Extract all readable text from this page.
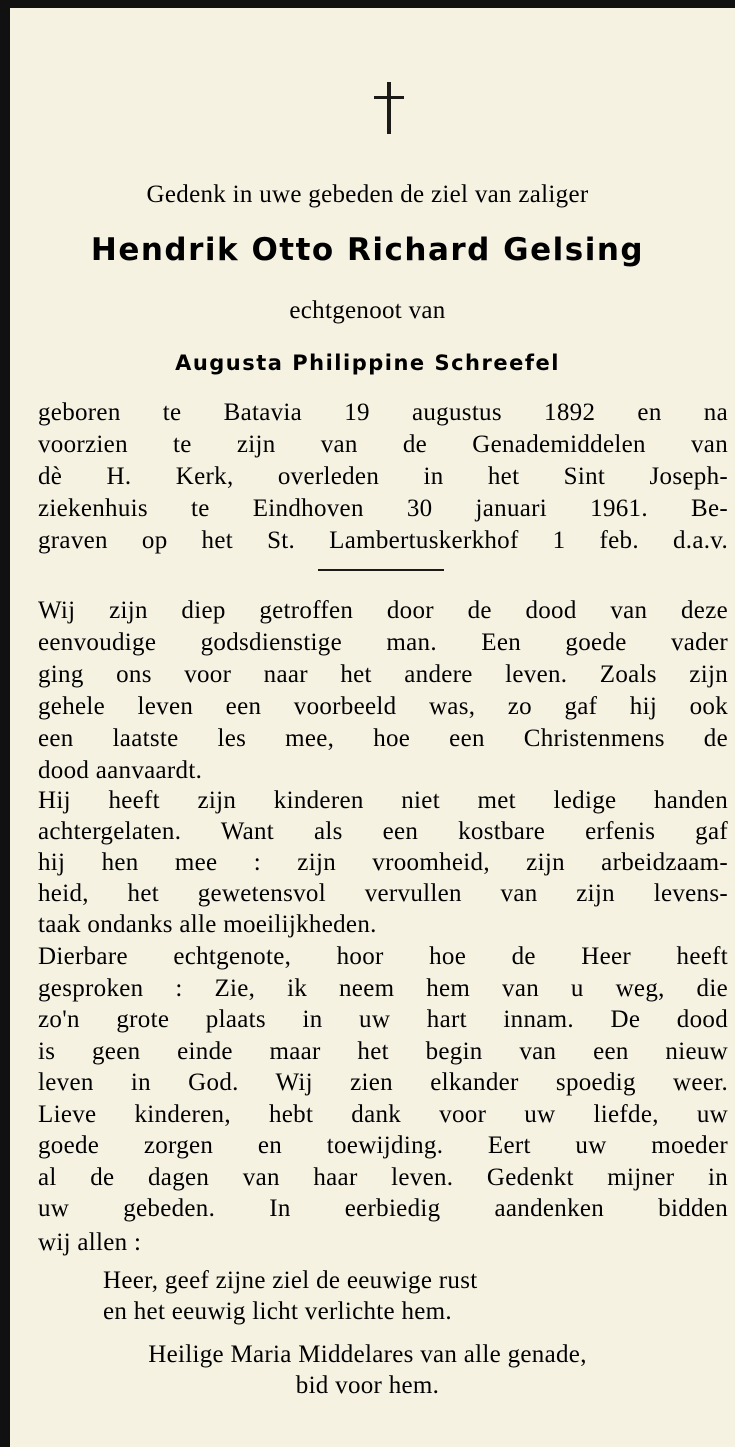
Gedenk in uwe gebeden de ziel van zaliger
Hendrik Otto Richard Gelsing
echtgenoot van
Augusta Philippine Schreefel
geboren te Batavia 19 augustus 1892 en na
voorzien te zijn van de Genademiddelen van
dè H. Kerk, overleden in het Sint Joseph-
ziekenhuis te Eindhoven 30 januari 1961. Be-
graven op het St. Lambertuskerkhof 1 feb. d.a.v.
Wij zijn diep getroffen door de dood van deze
eenvoudige godsdienstige man. Een goede vader
ging ons voor naar het andere leven. Zoals zijn
gehele leven een voorbeeld was, zo gaf hij ook
een laatste les mee, hoe een Christenmens de
dood aanvaardt.
Hij heeft zijn kinderen niet met ledige handen
achtergelaten. Want als een kostbare erfenis gaf
hij hen mee : zijn vroomheid, zijn arbeidzaam-
heid, het gewetensvol vervullen van zijn levens-
taak ondanks alle moeilijkheden.
Dierbare echtgenote, hoor hoe de Heer heeft
gesproken : Zie, ik neem hem van u weg, die
zo'n grote plaats in uw hart innam. De dood
is geen einde maar het begin van een nieuw
leven in God. Wij zien elkander spoedig weer.
Lieve kinderen, hebt dank voor uw liefde, uw
goede zorgen en toewijding. Eert uw moeder
al de dagen van haar leven. Gedenkt mijner in
uw gebeden. In eerbiedig aandenken bidden
wij allen :
Heer, geef zijne ziel de eeuwige rust
en het eeuwig licht verlichte hem.
Heilige Maria Middelares van alle genade,
bid voor hem.
